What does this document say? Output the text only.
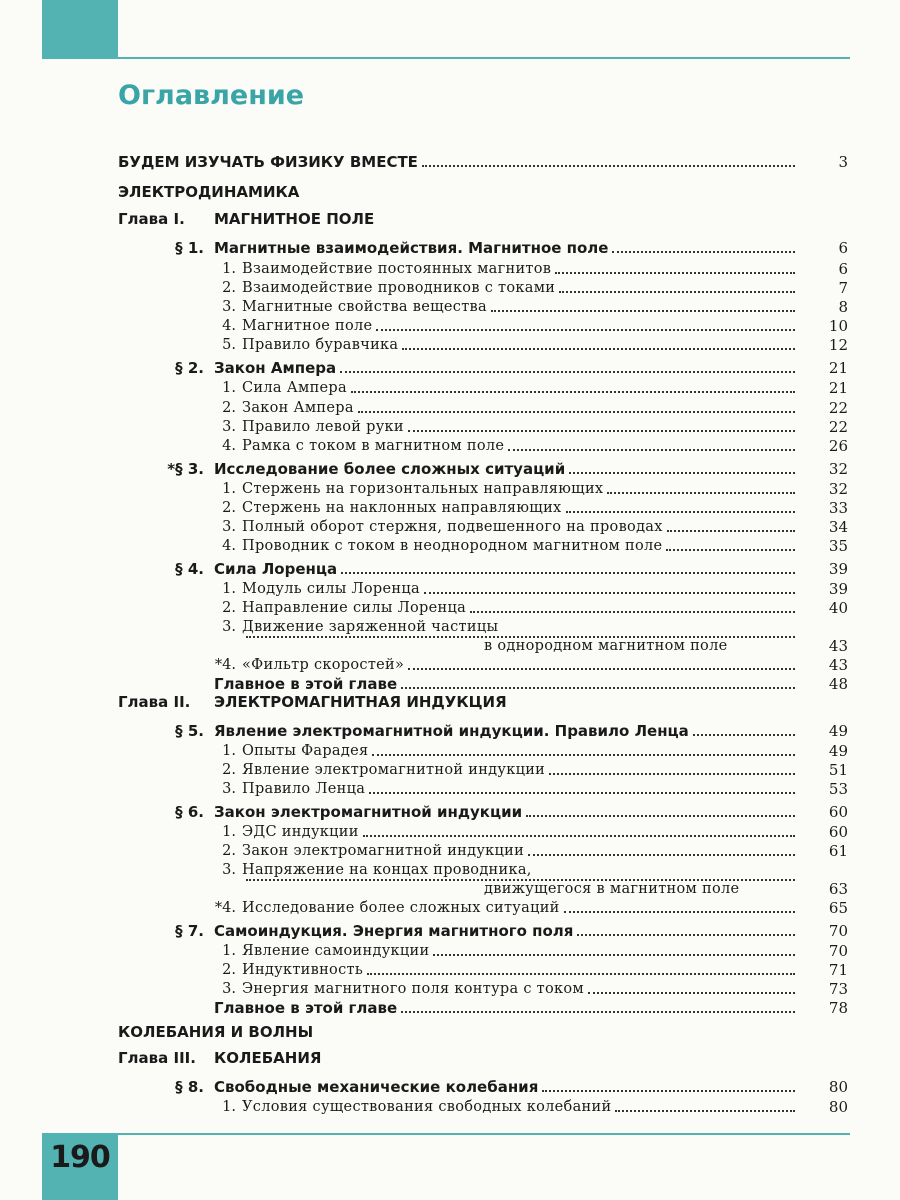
Оглавление
БУДЕМ ИЗУЧАТЬ ФИЗИКУ ВМЕСТЕ	3
ЭЛЕКТРОДИНАМИКА
Глава I. МАГНИТНОЕ ПОЛЕ
§ 1. Магнитные взаимодействия. Магнитное поле	6
1. Взаимодействие постоянных магнитов	6
2. Взаимодействие проводников с токами	7
3. Магнитные свойства вещества	8
4. Магнитное поле	10
5. Правило буравчика	12
§ 2. Закон Ампера	21
1. Сила Ампера	21
2. Закон Ампера	22
3. Правило левой руки	22
4. Рамка с током в магнитном поле	26
*§ 3. Исследование более сложных ситуаций	32
1. Стержень на горизонтальных направляющих	32
2. Стержень на наклонных направляющих	33
3. Полный оборот стержня, подвешенного на проводах	34
4. Проводник с током в неоднородном магнитном поле	35
§ 4. Сила Лоренца	39
1. Модуль силы Лоренца	39
2. Направление силы Лоренца	40
3. Движение заряженной частицы
в однородном магнитном поле	43
*4. «Фильтр скоростей»	43
Главное в этой главе	48
Глава II. ЭЛЕКТРОМАГНИТНАЯ ИНДУКЦИЯ
§ 5. Явление электромагнитной индукции. Правило Ленца	49
1. Опыты Фарадея	49
2. Явление электромагнитной индукции	51
3. Правило Ленца	53
§ 6. Закон электромагнитной индукции	60
1. ЭДС индукции	60
2. Закон электромагнитной индукции	61
3. Напряжение на концах проводника,
движущегося в магнитном поле	63
*4. Исследование более сложных ситуаций	65
§ 7. Самоиндукция. Энергия магнитного поля	70
1. Явление самоиндукции	70
2. Индуктивность	71
3. Энергия магнитного поля контура с током	73
Главное в этой главе	78
КОЛЕБАНИЯ И ВОЛНЫ
Глава III. КОЛЕБАНИЯ
§ 8. Свободные механические колебания	80
1. Условия существования свободных колебаний	80
190
